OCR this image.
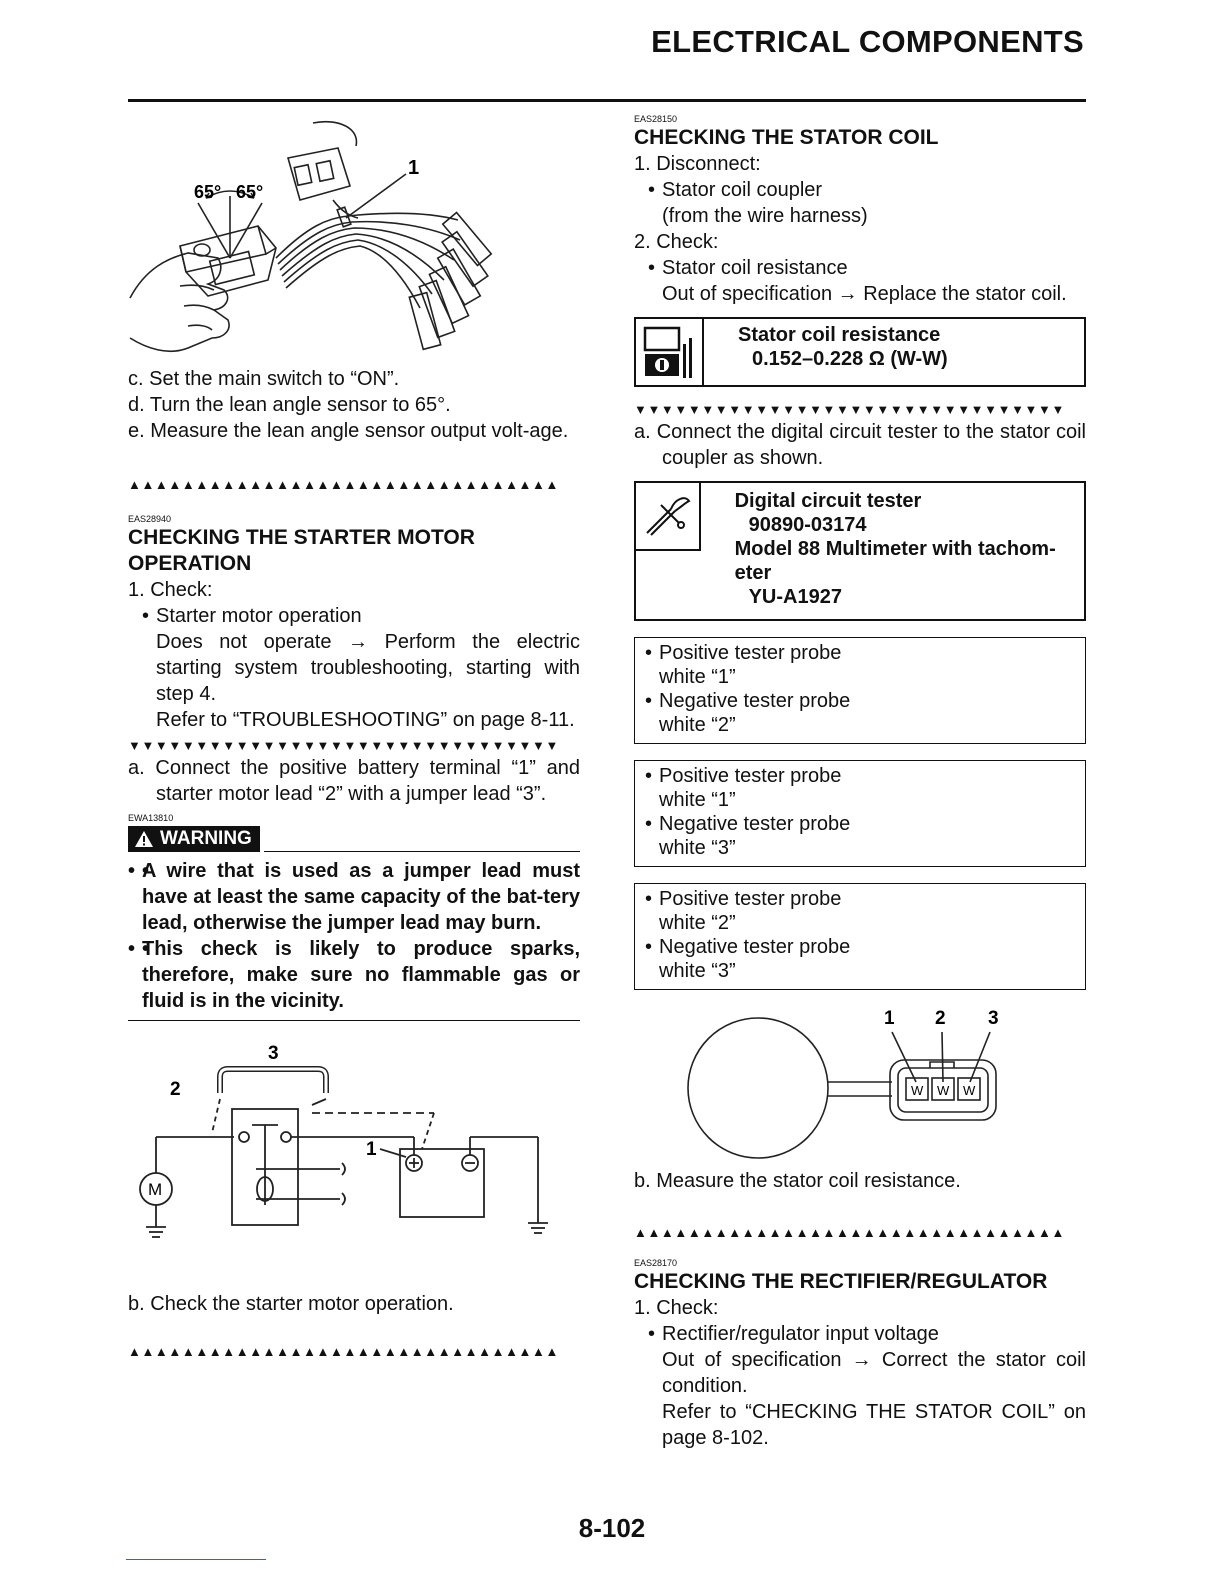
ELECTRICAL COMPONENTS
65° 65°
1
c. Set the main switch to “ON”.
d. Turn the lean angle sensor to 65°.
e. Measure the lean angle sensor output volt-age.
▲▲▲▲▲▲▲▲▲▲▲▲▲▲▲▲▲▲▲▲▲▲▲▲▲▲▲▲▲▲▲▲
EAS28940
CHECKING THE STARTER MOTOR OPERATION
1. Check:
• Starter motor operation
Does not operate → Perform the electric starting system troubleshooting, starting with step 4.
Refer to “TROUBLESHOOTING” on page 8-11.
▼▼▼▼▼▼▼▼▼▼▼▼▼▼▼▼▼▼▼▼▼▼▼▼▼▼▼▼▼▼▼▼
a. Connect the positive battery terminal “1” and starter motor lead “2” with a jumper lead “3”.
EWA13810
WARNING
• • A wire that is used as a jumper lead must have at least the same capacity of the bat-tery lead, otherwise the jumper lead may burn.
• • This check is likely to produce sparks, therefore, make sure no flammable gas or fluid is in the vicinity.
3
2
1
M
b. Check the starter motor operation.
▲▲▲▲▲▲▲▲▲▲▲▲▲▲▲▲▲▲▲▲▲▲▲▲▲▲▲▲▲▲▲▲
EAS28150
CHECKING THE STATOR COIL
1. Disconnect:
• Stator coil coupler
(from the wire harness)
2. Check:
• Stator coil resistance
Out of specification → Replace the stator coil.
Stator coil resistance
0.152–0.228 Ω (W-W)
▼▼▼▼▼▼▼▼▼▼▼▼▼▼▼▼▼▼▼▼▼▼▼▼▼▼▼▼▼▼▼▼
a. Connect the digital circuit tester to the stator coil coupler as shown.
Digital circuit tester
90890-03174
Model 88 Multimeter with tachom-eter
YU-A1927
• Positive tester probe
white “1”
• Negative tester probe
white “2”
• Positive tester probe
white “1”
• Negative tester probe
white “3”
• Positive tester probe
white “2”
• Negative tester probe
white “3”
1 2 3
W W W
b. Measure the stator coil resistance.
▲▲▲▲▲▲▲▲▲▲▲▲▲▲▲▲▲▲▲▲▲▲▲▲▲▲▲▲▲▲▲▲
EAS28170
CHECKING THE RECTIFIER/REGULATOR
1. Check:
• Rectifier/regulator input voltage
Out of specification → Correct the stator coil condition.
Refer to “CHECKING THE STATOR COIL” on page 8-102.
8-102
